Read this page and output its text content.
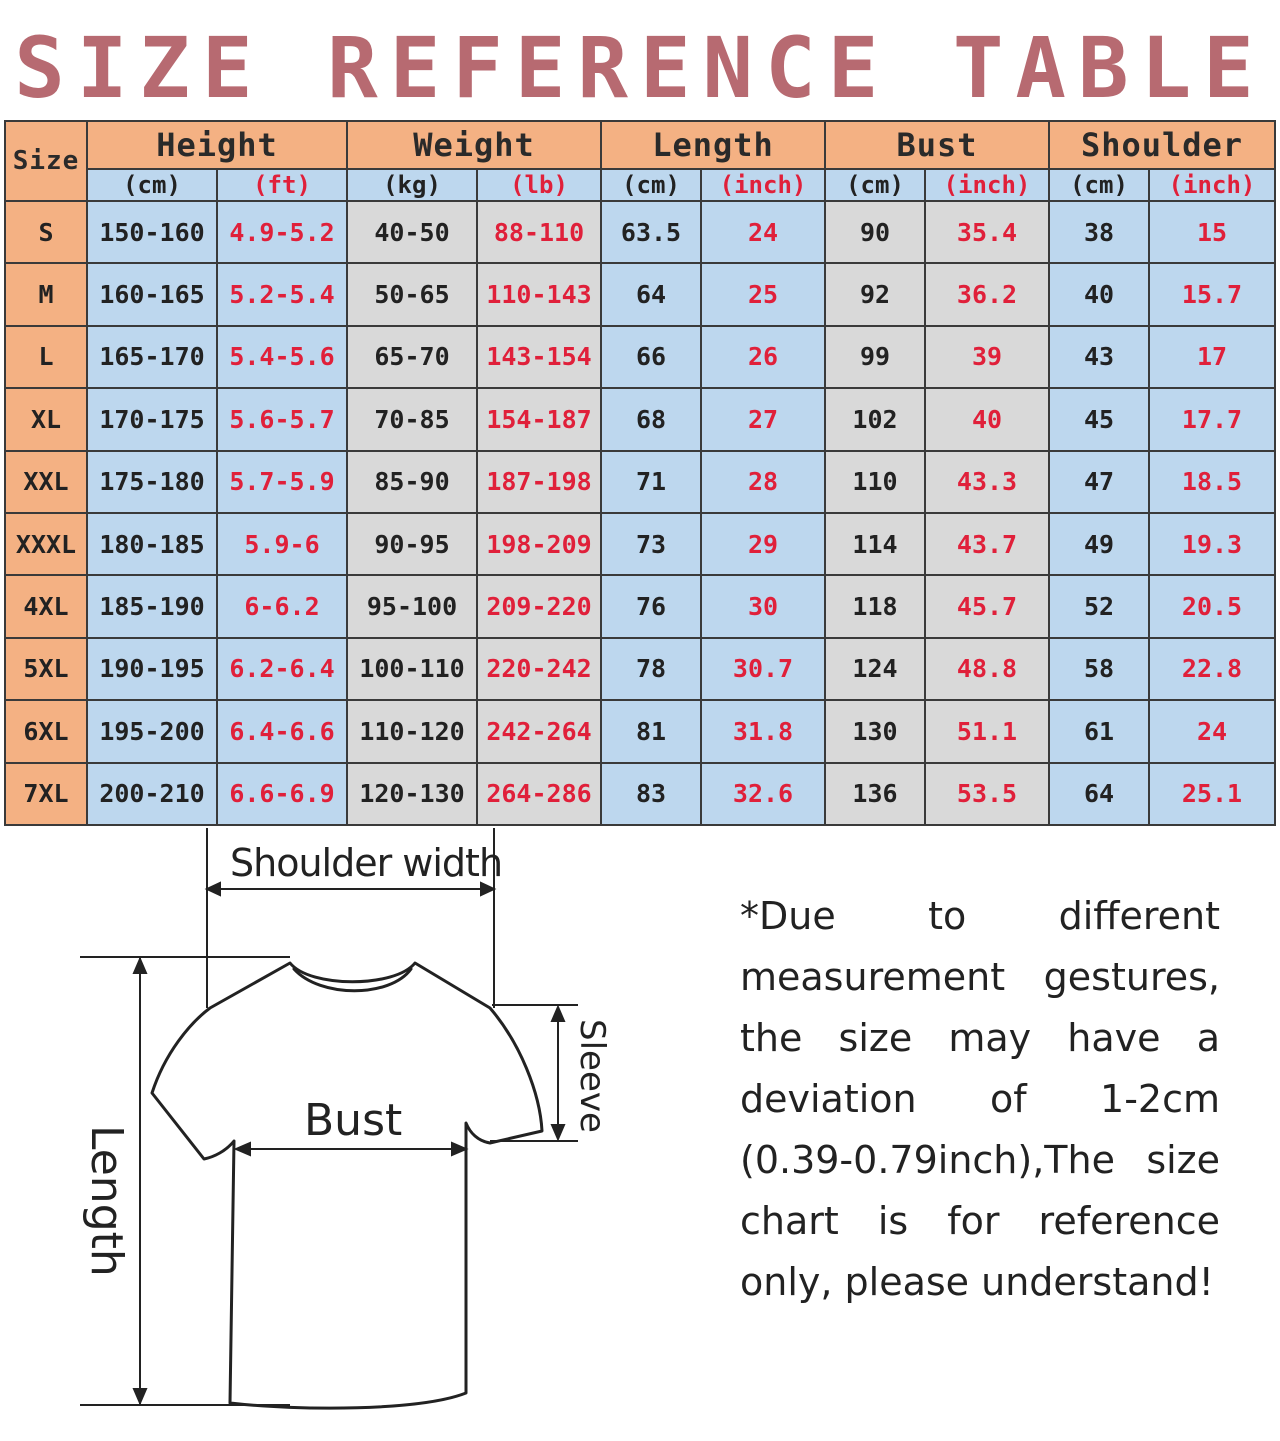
SIZE REFERENCE TABLE
Size	Height		Weight		Length		Bust		Shoulder	
	(cm)	(ft)	(kg)	(lb)	(cm)	(inch)	(cm)	(inch)	(cm)	(inch)
S	150-160	4.9-5.2	40-50	88-110	63.5	24	90	35.4	38	15
M	160-165	5.2-5.4	50-65	110-143	64	25	92	36.2	40	15.7
L	165-170	5.4-5.6	65-70	143-154	66	26	99	39	43	17
XL	170-175	5.6-5.7	70-85	154-187	68	27	102	40	45	17.7
XXL	175-180	5.7-5.9	85-90	187-198	71	28	110	43.3	47	18.5
XXXL	180-185	5.9-6	90-95	198-209	73	29	114	43.7	49	19.3
4XL	185-190	6-6.2	95-100	209-220	76	30	118	45.7	52	20.5
5XL	190-195	6.2-6.4	100-110	220-242	78	30.7	124	48.8	58	22.8
6XL	195-200	6.4-6.6	110-120	242-264	81	31.8	130	51.1	61	24
7XL	200-210	6.6-6.9	120-130	264-286	83	32.6	136	53.5	64	25.1
Shoulder width
Bust	Sleeve
Length

*Due to different measurement gestures, the size may have a deviation of 1-2cm (0.39-0.79inch),The size chart is for reference only, please understand!
